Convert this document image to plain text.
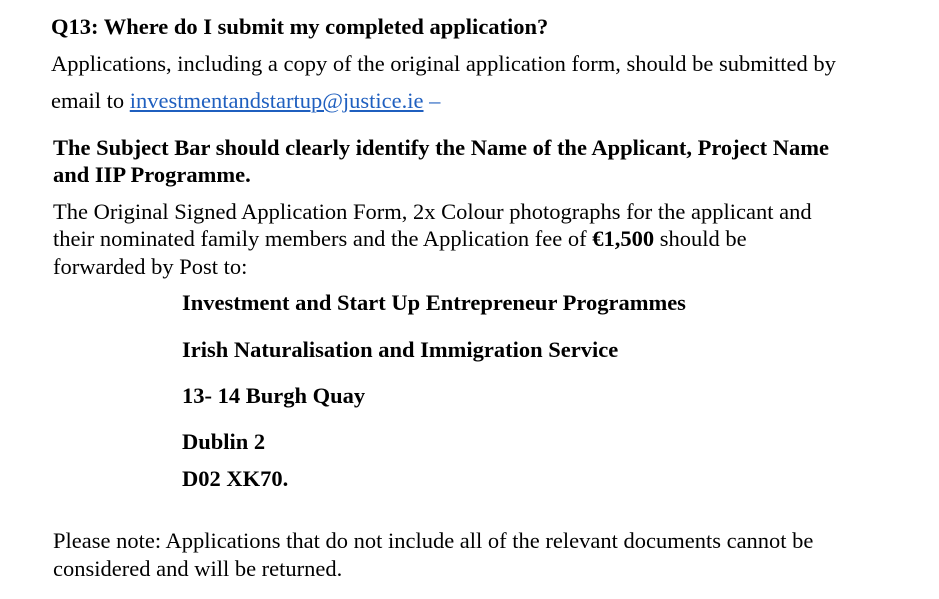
Q13: Where do I submit my completed application?
Applications, including a copy of the original application form, should be submitted by
email to investmentandstartup@justice.ie –
The Subject Bar should clearly identify the Name of the Applicant, Project Name
and IIP Programme.
The Original Signed Application Form, 2x Colour photographs for the applicant and
their nominated family members and the Application fee of €1,500 should be
forwarded by Post to:
Investment and Start Up Entrepreneur Programmes
Irish Naturalisation and Immigration Service
13- 14 Burgh Quay
Dublin 2
D02 XK70.
Please note: Applications that do not include all of the relevant documents cannot be
considered and will be returned.
